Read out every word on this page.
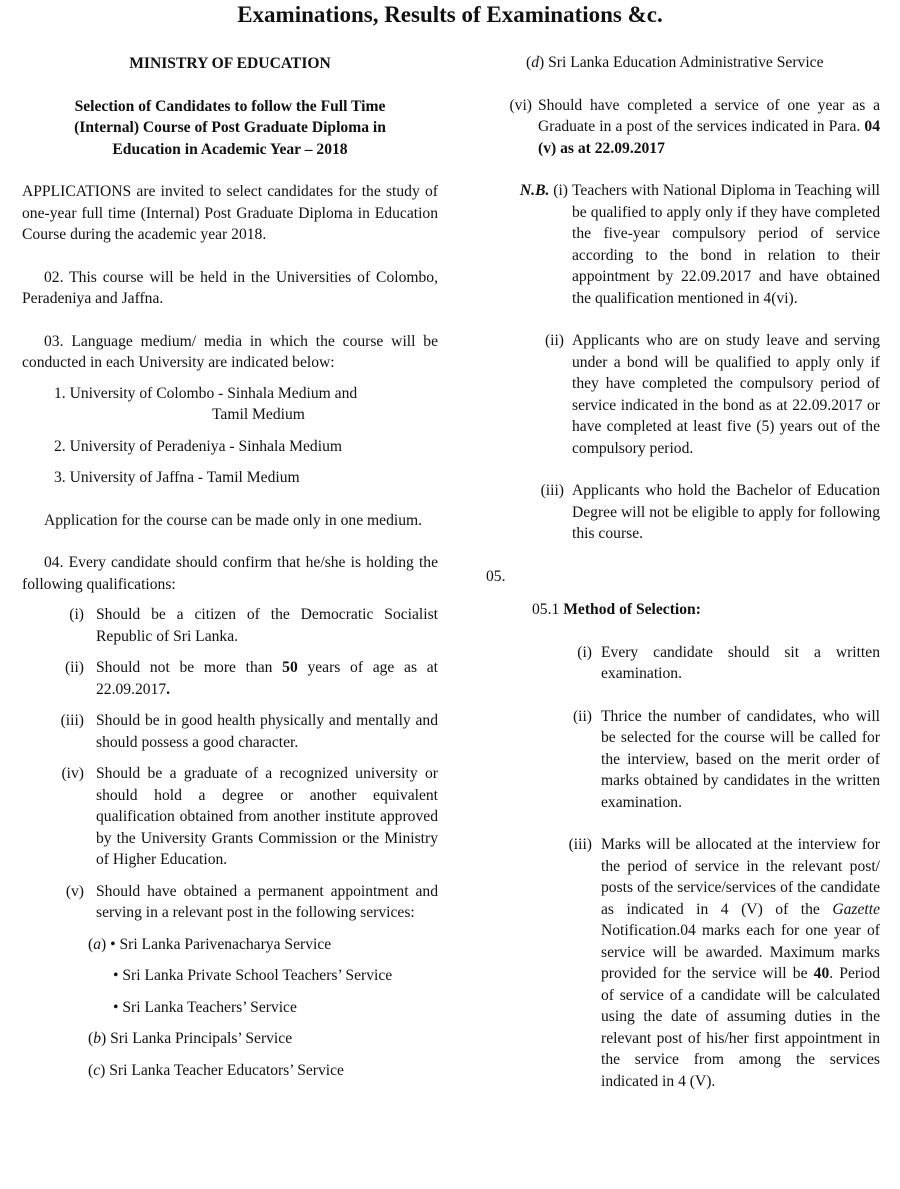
Examinations, Results of Examinations &c.

MINISTRY OF EDUCATION

Selection of Candidates to follow the Full Time
(Internal) Course of Post Graduate Diploma in
Education in Academic Year – 2018

APPLICATIONS are invited to select candidates for the study of one-year full time (Internal) Post Graduate Diploma in Education Course during the academic year 2018.

02. This course will be held in the Universities of Colombo, Peradeniya and Jaffna.

03. Language medium/ media in which the course will be conducted in each University are indicated below:

1. University of Colombo - Sinhala Medium and
Tamil Medium
2. University of Peradeniya - Sinhala Medium
3. University of Jaffna - Tamil Medium

Application for the course can be made only in one medium.

04. Every candidate should confirm that he/she is holding the following qualifications:

(i) Should be a citizen of the Democratic Socialist Republic of Sri Lanka.
(ii) Should not be more than 50 years of age as at 22.09.2017.
(iii) Should be in good health physically and mentally and should possess a good character.
(iv) Should be a graduate of a recognized university or should hold a degree or another equivalent qualification obtained from another institute approved by the University Grants Commission or the Ministry of Higher Education.
(v) Should have obtained a permanent appointment and serving in a relevant post in the following services:
(a) • Sri Lanka Parivenacharya Service
• Sri Lanka Private School Teachers’ Service
• Sri Lanka Teachers’ Service
(b) Sri Lanka Principals’ Service
(c) Sri Lanka Teacher Educators’ Service
(d) Sri Lanka Education Administrative Service
(vi) Should have completed a service of one year as a Graduate in a post of the services indicated in Para. 04 (v) as at 22.09.2017
N.B. (i) Teachers with National Diploma in Teaching will be qualified to apply only if they have completed the five-year compulsory period of service according to the bond in relation to their appointment by 22.09.2017 and have obtained the qualification mentioned in 4(vi).
(ii) Applicants who are on study leave and serving under a bond will be qualified to apply only if they have completed the compulsory period of service indicated in the bond as at 22.09.2017 or have completed at least five (5) years out of the compulsory period.
(iii) Applicants who hold the Bachelor of Education Degree will not be eligible to apply for following this course.

05.

05.1 Method of Selection:
(i) Every candidate should sit a written examination.
(ii) Thrice the number of candidates, who will be selected for the course will be called for the interview, based on the merit order of marks obtained by candidates in the written examination.
(iii) Marks will be allocated at the interview for the period of service in the relevant post/ posts of the service/services of the candidate as indicated in 4 (V) of the Gazette Notification.04 marks each for one year of service will be awarded. Maximum marks provided for the service will be 40. Period of service of a candidate will be calculated using the date of assuming duties in the relevant post of his/her first appointment in the service from among the services indicated in 4 (V).
